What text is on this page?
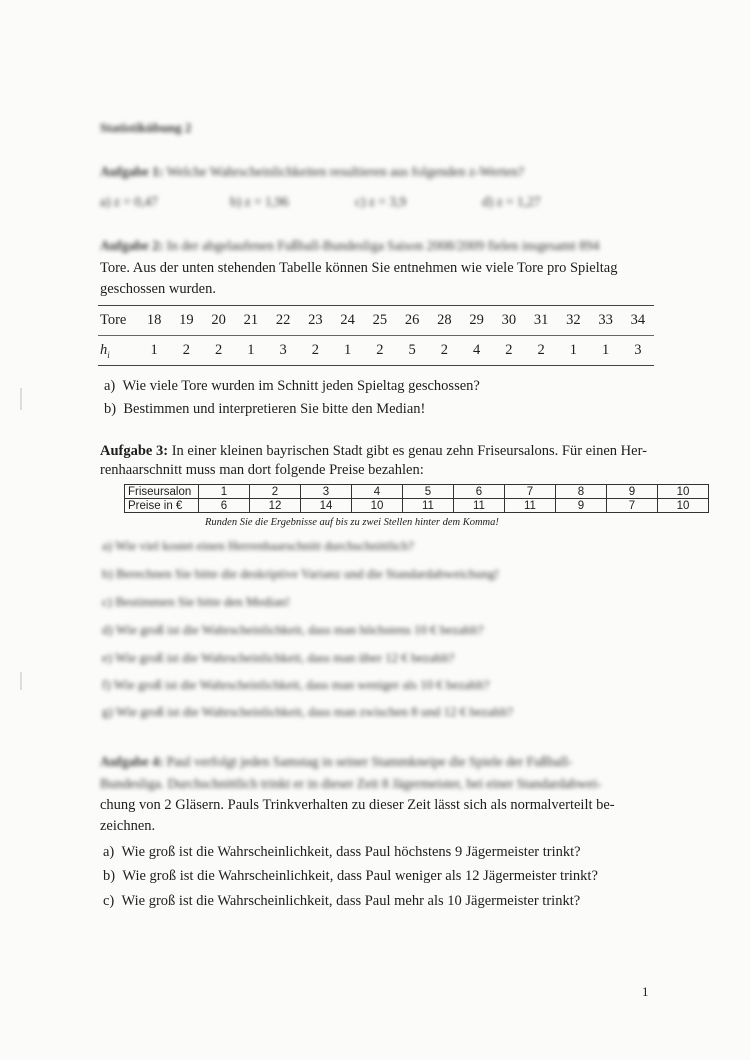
Statistikübung 2
Aufgabe 1: Welche Wahrscheinlichkeiten resultieren aus folgenden z-Werten?
a) z = 0,47	b) z = 1,96	c) z = 3,9	d) z = 1,27
Aufgabe 2: In der abgelaufenen Fußball-Bundesliga Saison 2008/2009 fielen insgesamt 894
Tore. Aus der unten stehenden Tabelle können Sie entnehmen wie viele Tore pro Spieltag
geschossen wurden.
Tore	18	19	20	21	22	23	24	25	26	28	29	30	31	32	33	34
$h_i$	1	2	2	1	3	2	1	2	5	2	4	2	2	1	1	3
a) Wie viele Tore wurden im Schnitt jeden Spieltag geschossen?
b) Bestimmen und interpretieren Sie bitte den Median!
Aufgabe 3: In einer kleinen bayrischen Stadt gibt es genau zehn Friseursalons. Für einen Her-
renhaarschnitt muss man dort folgende Preise bezahlen:
Friseursalon	1	2	3	4	5	6	7	8	9	10
Preise in €	6	12	14	10	11	11	11	9	7	10
Runden Sie die Ergebnisse auf bis zu zwei Stellen hinter dem Komma!
a) Wie viel kostet einen Herrenhaarschnitt durchschnittlich?
b) Berechnen Sie bitte die deskriptive Varianz und die Standardabweichung!
c) Bestimmen Sie bitte den Median!
d) Wie groß ist die Wahrscheinlichkeit, dass man höchstens 10 € bezahlt?
e) Wie groß ist die Wahrscheinlichkeit, dass man über 12 € bezahlt?
f) Wie groß ist die Wahrscheinlichkeit, dass man weniger als 10 € bezahlt?
g) Wie groß ist die Wahrscheinlichkeit, dass man zwischen 8 und 12 € bezahlt?
Aufgabe 4: Paul verfolgt jeden Samstag in seiner Stammkneipe die Spiele der Fußball-
Bundesliga. Durchschnittlich trinkt er in dieser Zeit 8 Jägermeister, bei einer Standardabwei-
chung von 2 Gläsern. Pauls Trinkverhalten zu dieser Zeit lässt sich als normalverteilt be-
zeichnen.
a) Wie groß ist die Wahrscheinlichkeit, dass Paul höchstens 9 Jägermeister trinkt?
b) Wie groß ist die Wahrscheinlichkeit, dass Paul weniger als 12 Jägermeister trinkt?
c) Wie groß ist die Wahrscheinlichkeit, dass Paul mehr als 10 Jägermeister trinkt?
1
